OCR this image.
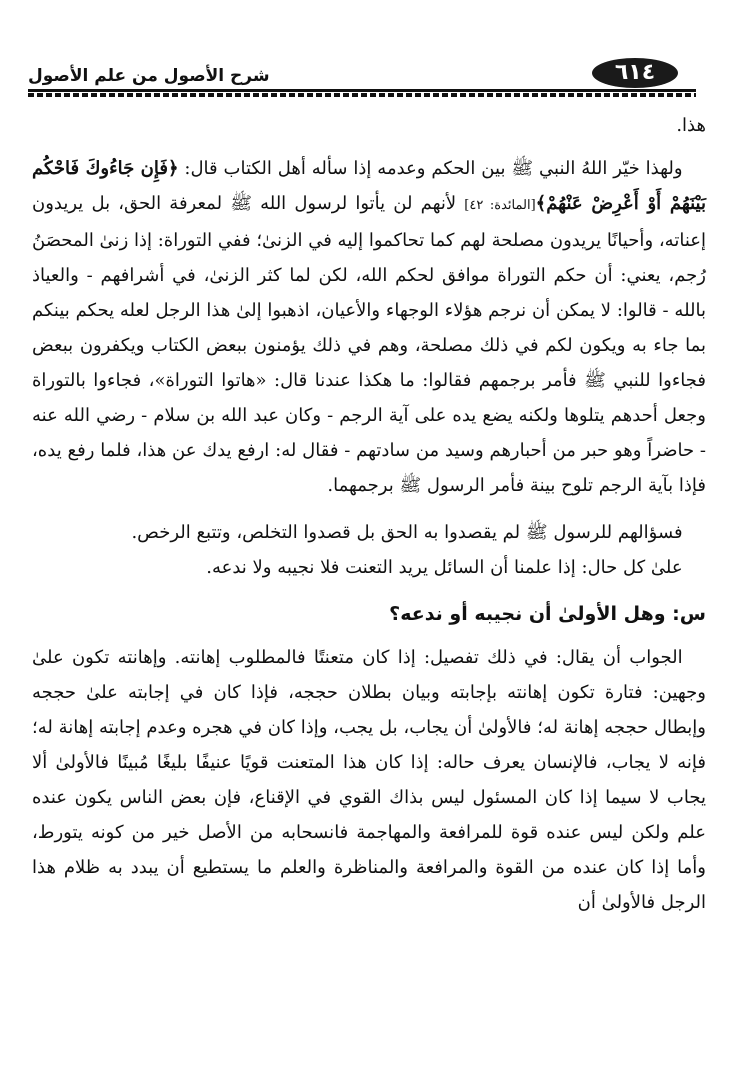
٦١٤
شرح الأصول من علم الأصول

هذا.

ولهذا خيّر اللهُ النبي ﷺ بين الحكم وعدمه إذا سأله أهل الكتاب قال: ﴿فَإِن جَاءُوكَ فَاحْكُم بَيْنَهُمْ أَوْ أَعْرِضْ عَنْهُمْ﴾[المائدة: ٤٢] لأنهم لن يأتوا لرسول الله ﷺ لمعرفة الحق، بل يريدون إعناته، وأحيانًا يريدون مصلحة لهم كما تحاكموا إليه في الزنىٰ؛ ففي التوراة: إذا زنىٰ المحصَنُ رُجم، يعني: أن حكم التوراة موافق لحكم الله، لكن لما كثر الزنىٰ، في أشرافهم - والعياذ بالله - قالوا: لا يمكن أن نرجم هؤلاء الوجهاء والأعيان، اذهبوا إلىٰ هذا الرجل لعله يحكم بينكم بما جاء به ويكون لكم في ذلك مصلحة، وهم في ذلك يؤمنون ببعض الكتاب ويكفرون ببعض فجاءوا للنبي ﷺ فأمر برجمهم فقالوا: ما هكذا عندنا قال: «هاتوا التوراة»، فجاءوا بالتوراة وجعل أحدهم يتلوها ولكنه يضع يده على آية الرجم - وكان عبد الله بن سلام - رضي الله عنه - حاضراً وهو حبر من أحبارهم وسيد من سادتهم - فقال له: ارفع يدك عن هذا، فلما رفع يده، فإذا بآية الرجم تلوح بينة فأمر الرسول ﷺ برجمهما.

فسؤالهم للرسول ﷺ لم يقصدوا به الحق بل قصدوا التخلص، وتتبع الرخص.

علىٰ كل حال: إذا علمنا أن السائل يريد التعنت فلا نجيبه ولا ندعه.

س: وهل الأولىٰ أن نجيبه أو ندعه؟

الجواب أن يقال: في ذلك تفصيل: إذا كان متعنتًا فالمطلوب إهانته. وإهانته تكون علىٰ وجهين: فتارة تكون إهانته بإجابته وبيان بطلان حججه، فإذا كان في إجابته علىٰ حججه وإبطال حججه إهانة له؛ فالأولىٰ أن يجاب، بل يجب، وإذا كان في هجره وعدم إجابته إهانة له؛ فإنه لا يجاب، فالإنسان يعرف حاله: إذا كان هذا المتعنت قويًا عنيفًا بليغًا مُبينًا فالأولىٰ ألا يجاب لا سيما إذا كان المسئول ليس بذاك القوي في الإقناع، فإن بعض الناس يكون عنده علم ولكن ليس عنده قوة للمرافعة والمهاجمة فانسحابه من الأصل خير من كونه يتورط، وأما إذا كان عنده من القوة والمرافعة والمناظرة والعلم ما يستطيع أن يبدد به ظلام هذا الرجل فالأولىٰ أن
